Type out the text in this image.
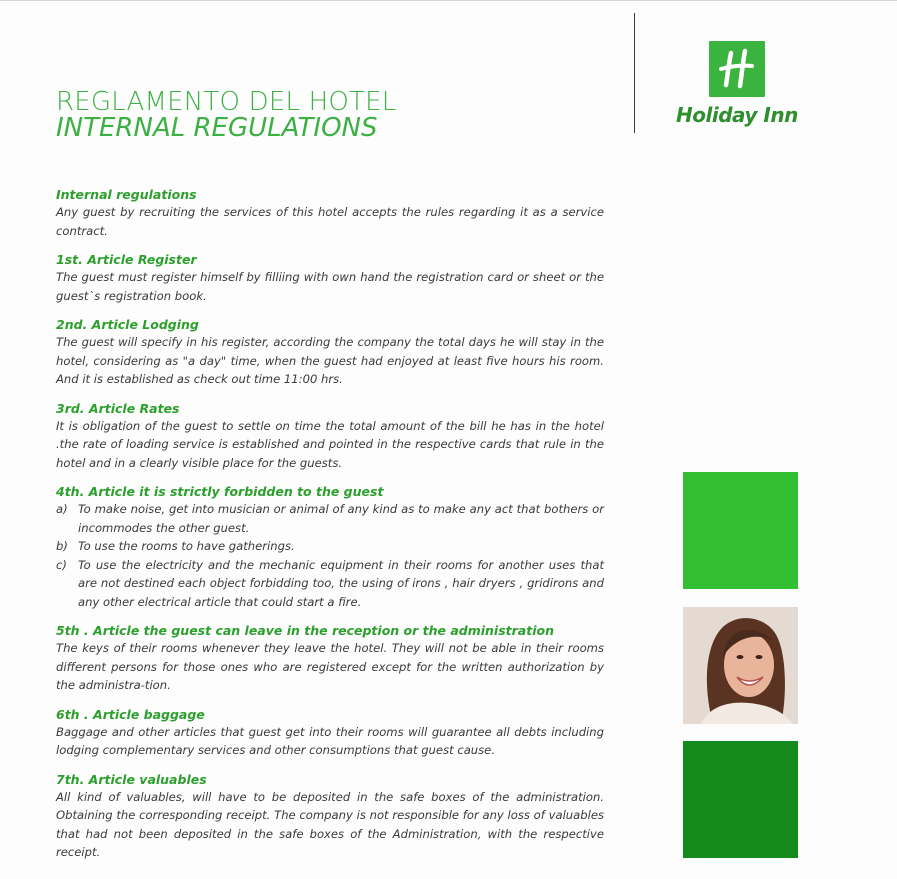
REGLAMENTO DEL HOTEL
INTERNAL REGULATIONS	Holiday Inn
Internal regulations
Any guest by recruiting the services of this hotel accepts the rules regarding it as a service contract.
1st. Article Register
The guest must register himself by filliing with own hand the registration card or sheet or the guest`s registration book.
2nd. Article Lodging
The guest will specify in his register, according the company the total days he will stay in the hotel, considering as "a day" time, when the guest had enjoyed at least five hours his room. And it is established as check out time 11:00 hrs.
3rd. Article Rates
It is obligation of the guest to settle on time the total amount of the bill he has in the hotel .the rate of loading service is established and pointed in the respective cards that rule in the hotel and in a clearly visible place for the guests.
4th. Article it is strictly forbidden to the guest
a) To make noise, get into musician or animal of any kind as to make any act that bothers or incommodes the other guest.
b) To use the rooms to have gatherings.
c) To use the electricity and the mechanic equipment in their rooms for another uses that are not destined each object forbidding too, the using of irons , hair dryers , gridirons and any other electrical article that could start a fire.
5th . Article the guest can leave in the reception or the administration
The keys of their rooms whenever they leave the hotel. They will not be able in their rooms different persons for those ones who are registered except for the written authorization by the administra-tion.
6th . Article baggage
Baggage and other articles that guest get into their rooms will guarantee all debts including lodging complementary services and other consumptions that guest cause.
7th. Article valuables
All kind of valuables, will have to be deposited in the safe boxes of the administration. Obtaining the corresponding receipt. The company is not responsible for any loss of valuables that had not been deposited in the safe boxes of the Administration, with the respective receipt.
